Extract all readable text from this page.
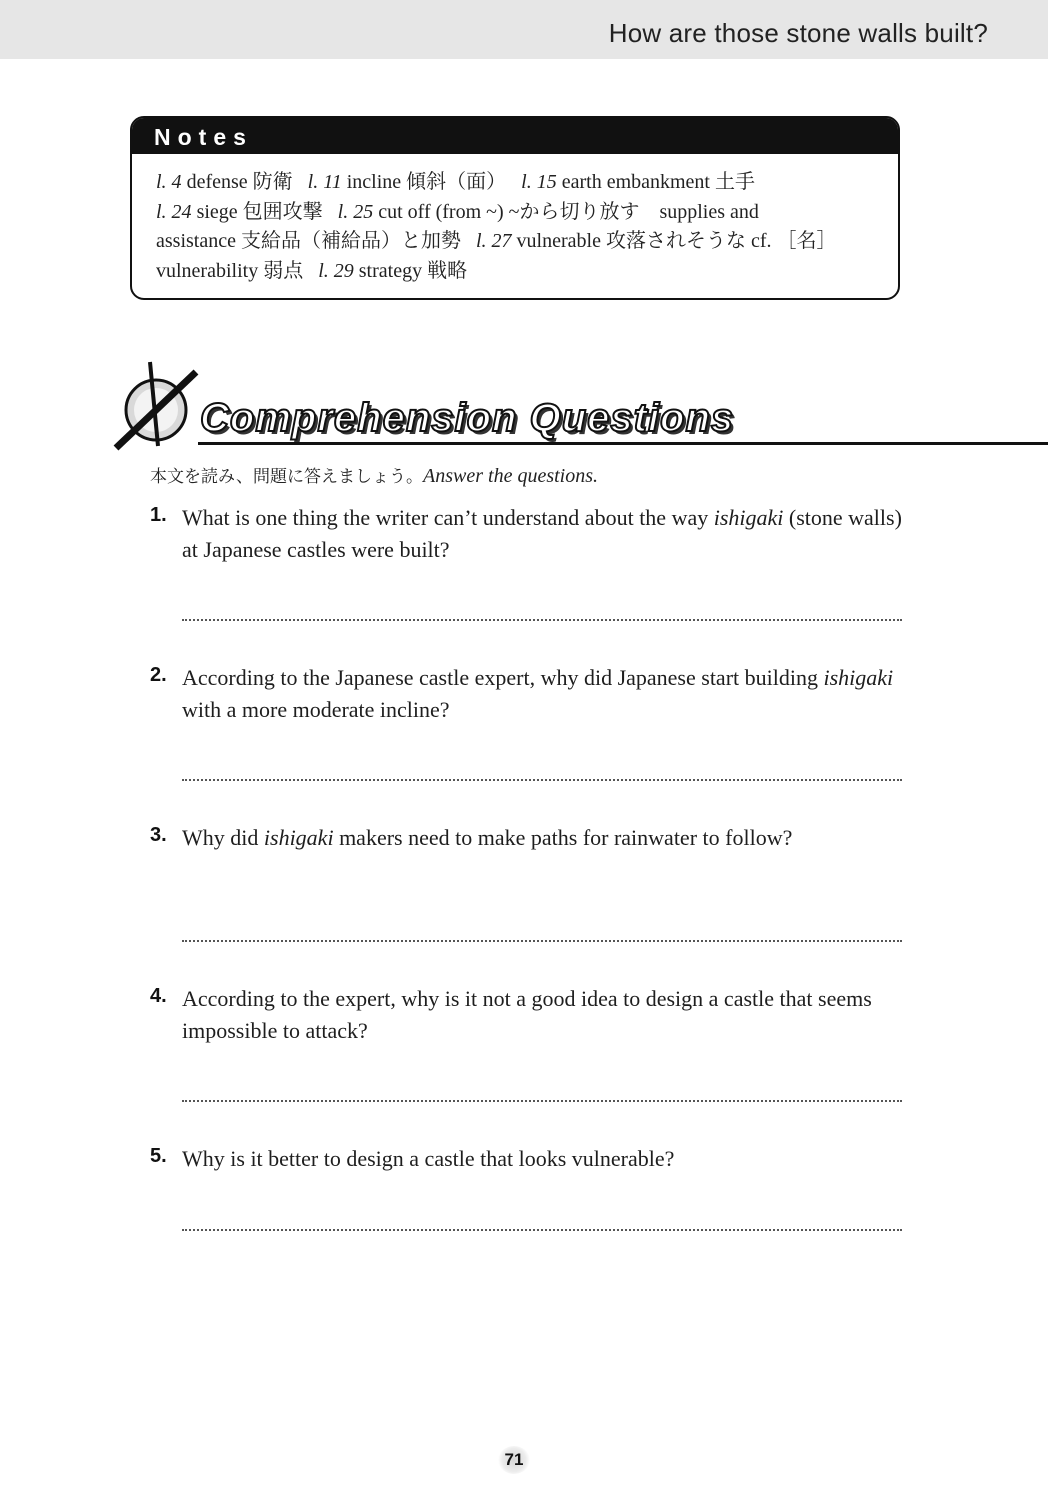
How are those stone walls built?
Notes
l. 4 defense 防衛 l. 11 incline 傾斜（面） l. 15 earth embankment 土手
l. 24 siege 包囲攻撃 l. 25 cut off (from ~) ~から切り放す　supplies and
assistance 支給品（補給品）と加勢 l. 27 vulnerable 攻落されそうな cf. ［名］
vulnerability 弱点 l. 29 strategy 戦略
Comprehension Questions
本文を読み、問題に答えましょう。Answer the questions.
1. What is one thing the writer can’t understand about the way ishigaki (stone walls) at Japanese castles were built?
2. According to the Japanese castle expert, why did Japanese start building ishigaki with a more moderate incline?
3. Why did ishigaki makers need to make paths for rainwater to follow?
4. According to the expert, why is it not a good idea to design a castle that seems impossible to attack?
5. Why is it better to design a castle that looks vulnerable?
71
